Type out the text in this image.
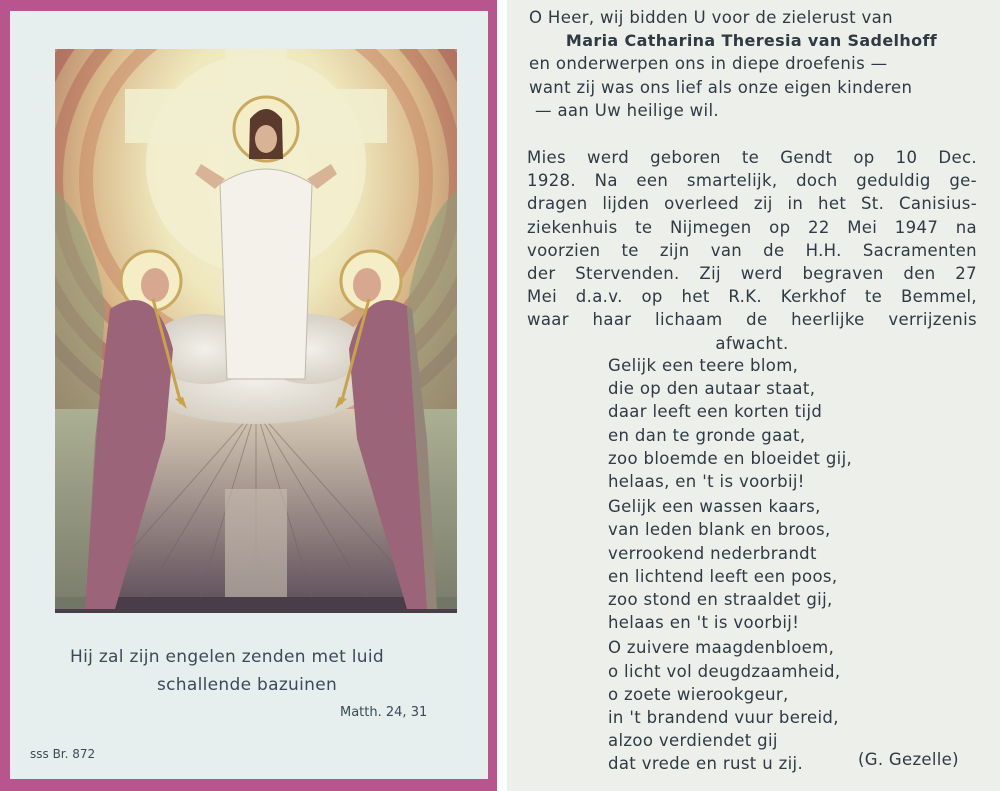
Hij zal zijn engelen zenden met luid
schallende bazuinen
Matth. 24, 31
sss Br. 872
O Heer, wij bidden U voor de zielerust van
Maria Catharina Theresia van Sadelhoff
en onderwerpen ons in diepe droefenis —
want zij was ons lief als onze eigen kinderen
— aan Uw heilige wil.
Mies werd geboren te Gendt op 10 Dec.
1928. Na een smartelijk, doch geduldig ge-
dragen lijden overleed zij in het St. Canisius-
ziekenhuis te Nijmegen op 22 Mei 1947 na
voorzien te zijn van de H.H. Sacramenten
der Stervenden. Zij werd begraven den 27
Mei d.a.v. op het R.K. Kerkhof te Bemmel,
waar haar lichaam de heerlijke verrijzenis
afwacht.
Gelijk een teere blom,
die op den autaar staat,
daar leeft een korten tijd
en dan te gronde gaat,
zoo bloemde en bloeidet gij,
helaas, en 't is voorbij!
Gelijk een wassen kaars,
van leden blank en broos,
verrookend nederbrandt
en lichtend leeft een poos,
zoo stond en straaldet gij,
helaas en 't is voorbij!
O zuivere maagdenbloem,
o licht vol deugdzaamheid,
o zoete wierookgeur,
in 't brandend vuur bereid,
alzoo verdiendet gij
dat vrede en rust u zij.	(G. Gezelle)
